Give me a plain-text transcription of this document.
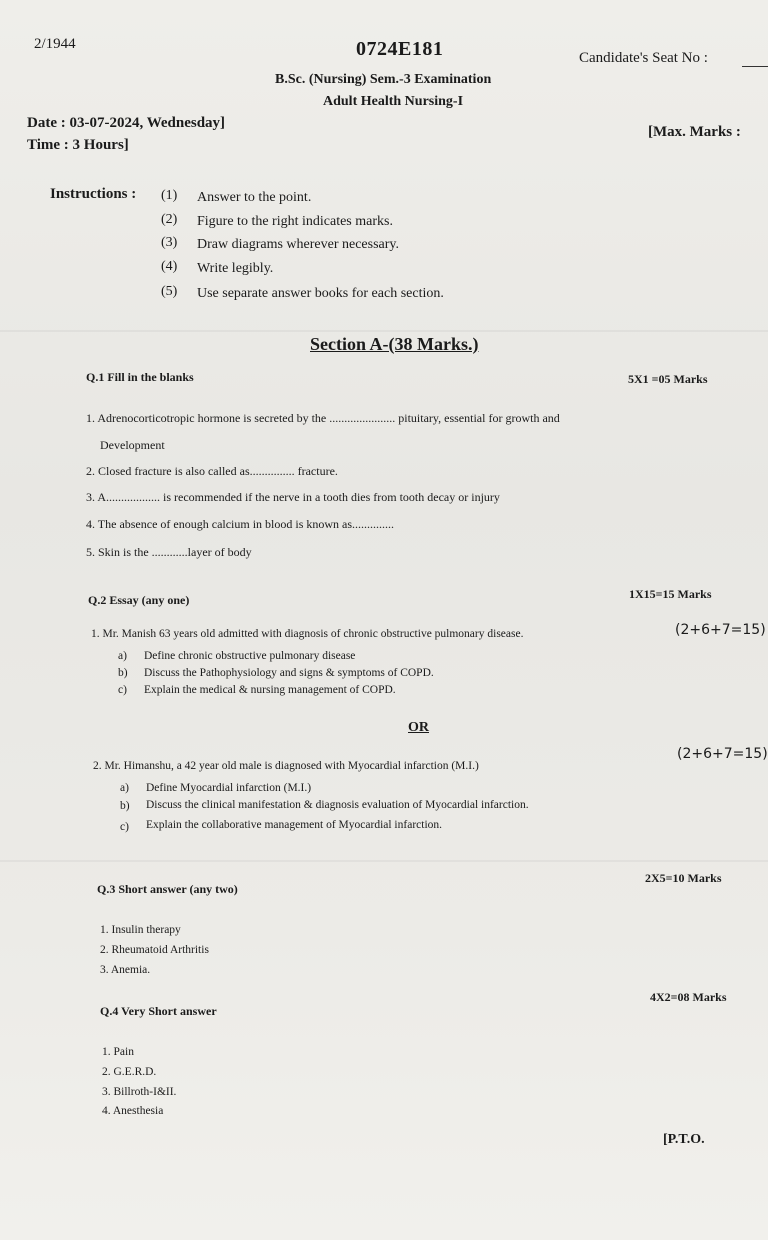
2/1944	0724E181	Candidate's Seat No :
B.Sc. (Nursing) Sem.-3 Examination
Adult Health Nursing-I
Date : 03-07-2024, Wednesday]
[Max. Marks :
Time : 3 Hours]
Instructions : (1) Answer to the point.
(2) Figure to the right indicates marks.
(3) Draw diagrams wherever necessary.
(4) Write legibly.
(5) Use separate answer books for each section.
Section A-(38 Marks.)
Q.1 Fill in the blanks	5X1 =05 Marks
1. Adrenocorticotropic hormone is secreted by the ...................... pituitary, essential for growth and
Development
2. Closed fracture is also called as............... fracture.
3. A.................. is recommended if the nerve in a tooth dies from tooth decay or injury
4. The absence of enough calcium in blood is known as..............
5. Skin is the ............layer of body
Q.2 Essay (any one)	1X15=15 Marks
1. Mr. Manish 63 years old admitted with diagnosis of chronic obstructive pulmonary disease.	(2+6+7=15)
a) Define chronic obstructive pulmonary disease
b) Discuss the Pathophysiology and signs & symptoms of COPD.
c) Explain the medical & nursing management of COPD.
OR
2. Mr. Himanshu, a 42 year old male is diagnosed with Myocardial infarction (M.I.)
(2+6+7=15)
a) Define Myocardial infarction (M.I.)
b) Discuss the clinical manifestation & diagnosis evaluation of Myocardial infarction.
c) Explain the collaborative management of Myocardial infarction.
Q.3 Short answer (any two)
2X5=10 Marks
1. Insulin therapy
2. Rheumatoid Arthritis
3. Anemia.
Q.4 Very Short answer
4X2=08 Marks
1. Pain
2. G.E.R.D.
3. Billroth-I&II.
4. Anesthesia
[P.T.O.
